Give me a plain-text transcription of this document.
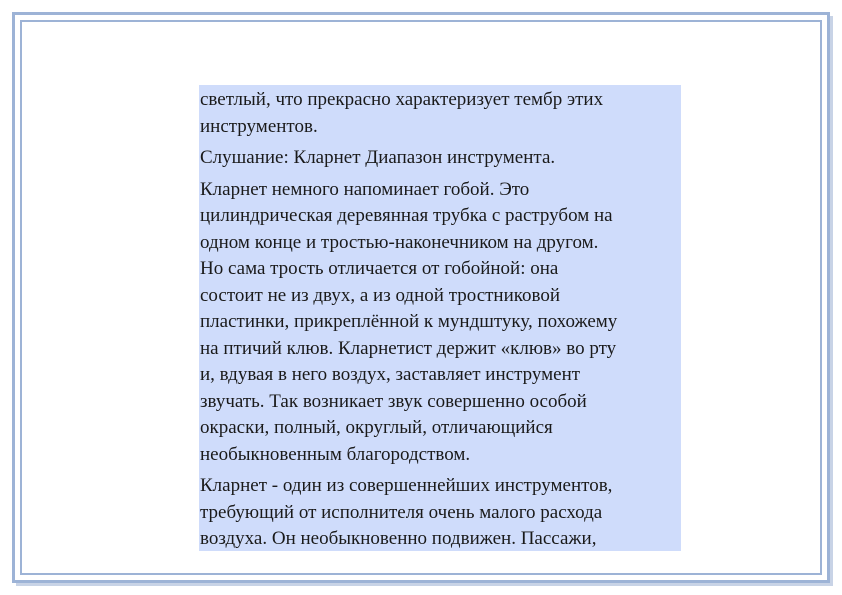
светлый, что прекрасно характеризует тембр этих
инструментов.

Слушание: Кларнет Диапазон инструмента.

Кларнет немного напоминает гобой. Это
цилиндрическая деревянная трубка с раструбом на
одном конце и тростью-наконечником на другом.
Но сама трость отличается от гобойной: она
состоит не из двух, а из одной тростниковой
пластинки, прикреплённой к мундштуку, похожему
на птичий клюв. Кларнетист держит «клюв» во рту
и, вдувая в него воздух, заставляет инструмент
звучать. Так возникает звук совершенно особой
окраски, полный, округлый, отличающийся
необыкновенным благородством.

Кларнет - один из совершеннейших инструментов,
требующий от исполнителя очень малого расхода
воздуха. Он необыкновенно подвижен. Пассажи,
